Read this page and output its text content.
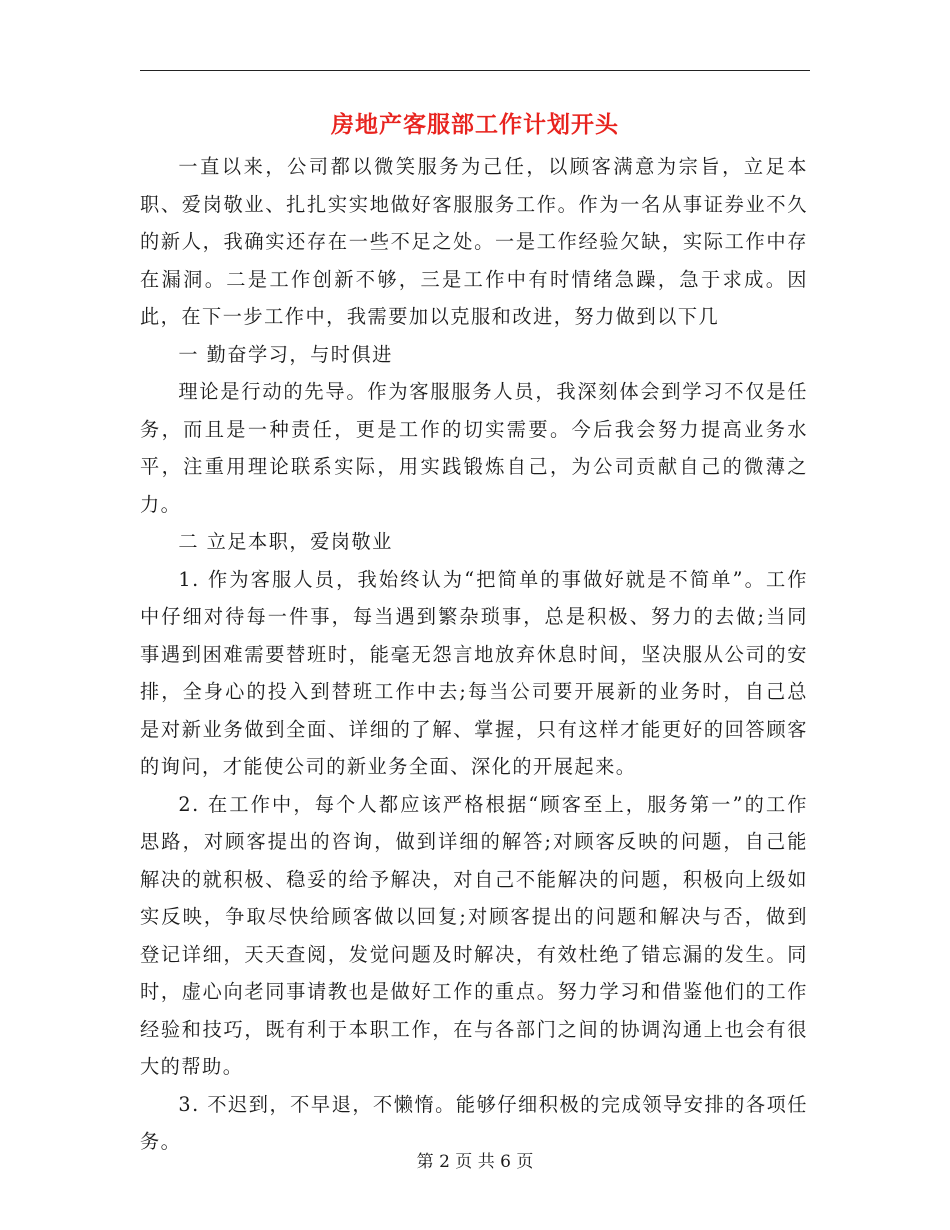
房地产客服部工作计划开头

一直以来，公司都以微笑服务为己任，以顾客满意为宗旨，立足本职、爱岗敬业、扎扎实实地做好客服服务工作。作为一名从事证券业不久的新人，我确实还存在一些不足之处。一是工作经验欠缺，实际工作中存在漏洞。二是工作创新不够，三是工作中有时情绪急躁，急于求成。因此，在下一步工作中，我需要加以克服和改进，努力做到以下几

一 勤奋学习，与时俱进

理论是行动的先导。作为客服服务人员，我深刻体会到学习不仅是任务，而且是一种责任，更是工作的切实需要。今后我会努力提高业务水平，注重用理论联系实际，用实践锻炼自己，为公司贡献自己的微薄之力。

二 立足本职，爱岗敬业

1. 作为客服人员，我始终认为“把简单的事做好就是不简单”。工作中仔细对待每一件事，每当遇到繁杂琐事，总是积极、努力的去做;当同事遇到困难需要替班时，能毫无怨言地放弃休息时间，坚决服从公司的安排，全身心的投入到替班工作中去;每当公司要开展新的业务时，自己总是对新业务做到全面、详细的了解、掌握，只有这样才能更好的回答顾客的询问，才能使公司的新业务全面、深化的开展起来。

2. 在工作中，每个人都应该严格根据“顾客至上，服务第一”的工作思路，对顾客提出的咨询，做到详细的解答;对顾客反映的问题，自己能解决的就积极、稳妥的给予解决，对自己不能解决的问题，积极向上级如实反映，争取尽快给顾客做以回复;对顾客提出的问题和解决与否，做到登记详细，天天查阅，发觉问题及时解决，有效杜绝了错忘漏的发生。同时，虚心向老同事请教也是做好工作的重点。努力学习和借鉴他们的工作经验和技巧，既有利于本职工作，在与各部门之间的协调沟通上也会有很大的帮助。

3. 不迟到，不早退，不懒惰。能够仔细积极的完成领导安排的各项任务。

第 2 页 共 6 页
